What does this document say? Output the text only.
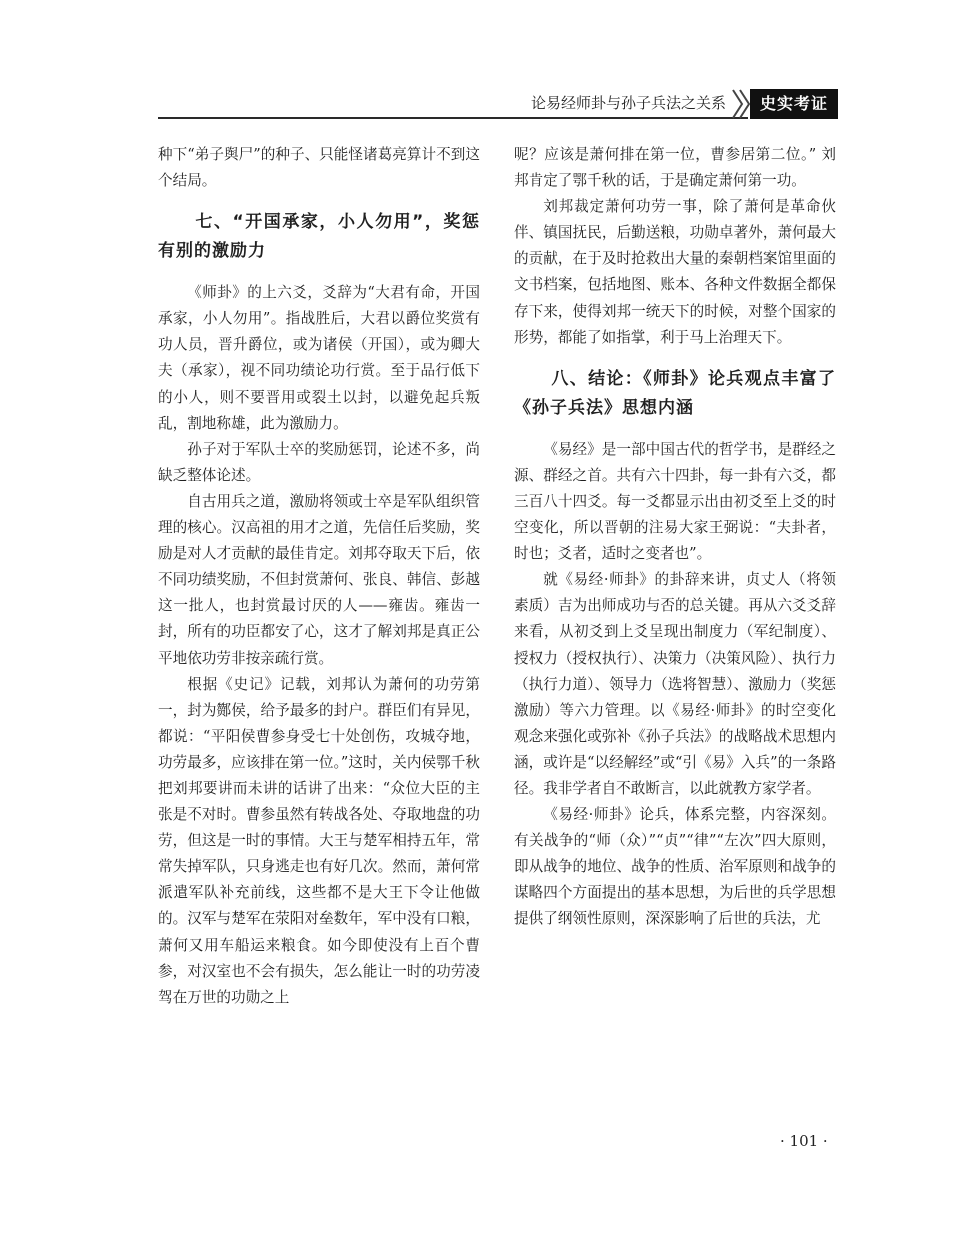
论易经师卦与孙子兵法之关系	史实考证

种下“弟子舆尸”的种子、只能怪诸葛亮算计不到这个结局。

七、“开国承家，小人勿用”，奖惩有别的激励力

《师卦》的上六爻，爻辞为“大君有命，开国承家，小人勿用”。指战胜后，大君以爵位奖赏有功人员，晋升爵位，或为诸侯（开国），或为卿大夫（承家），视不同功绩论功行赏。至于品行低下的小人，则不要晋用或裂土以封，以避免起兵叛乱，割地称雄，此为激励力。

孙子对于军队士卒的奖励惩罚，论述不多，尚缺乏整体论述。

自古用兵之道，激励将领或士卒是军队组织管理的核心。汉高祖的用才之道，先信任后奖励，奖励是对人才贡献的最佳肯定。刘邦夺取天下后，依不同功绩奖励，不但封赏萧何、张良、韩信、彭越这一批人，也封赏最讨厌的人——雍齿。雍齿一封，所有的功臣都安了心，这才了解刘邦是真正公平地依功劳非按亲疏行赏。

根据《史记》记载，刘邦认为萧何的功劳第一，封为酂侯，给予最多的封户。群臣们有异见，都说：“平阳侯曹参身受七十处创伤，攻城夺地，功劳最多，应该排在第一位。”这时，关内侯鄂千秋把刘邦要讲而未讲的话讲了出来：“众位大臣的主张是不对时。曹参虽然有转战各处、夺取地盘的功劳，但这是一时的事情。大王与楚军相持五年，常常失掉军队，只身逃走也有好几次。然而，萧何常派遣军队补充前线，这些都不是大王下令让他做的。汉军与楚军在荥阳对垒数年，军中没有口粮，萧何又用车船运来粮食。如今即使没有上百个曹参，对汉室也不会有损失，怎么能让一时的功劳凌驾在万世的功勋之上

呢？应该是萧何排在第一位，曹参居第二位。” 刘邦肯定了鄂千秋的话，于是确定萧何第一功。

刘邦裁定萧何功劳一事，除了萧何是革命伙伴、镇国抚民，后勤送粮，功勋卓著外，萧何最大的贡献，在于及时抢救出大量的秦朝档案馆里面的文书档案，包括地图、账本、各种文件数据全都保存下来，使得刘邦一统天下的时候，对整个国家的形势，都能了如指掌，利于马上治理天下。

八、结论：《师卦》论兵观点丰富了《孙子兵法》思想内涵

《易经》是一部中国古代的哲学书，是群经之源、群经之首。共有六十四卦，每一卦有六爻，都三百八十四爻。每一爻都显示出由初爻至上爻的时空变化，所以晋朝的注易大家王弼说：“夫卦者，时也；爻者，适时之变者也”。

就《易经·师卦》的卦辞来讲，贞丈人（将领素质）吉为出师成功与否的总关键。再从六爻爻辞来看，从初爻到上爻呈现出制度力（军纪制度）、授权力（授权执行）、决策力（决策风险）、执行力（执行力道）、领导力（选将智慧）、激励力（奖惩激励）等六力管理。以《易经·师卦》的时空变化观念来强化或弥补《孙子兵法》的战略战术思想内涵，或许是“以经解经”或“引《易》入兵”的一条路径。我非学者自不敢断言，以此就教方家学者。

《易经·师卦》论兵，体系完整，内容深刻。有关战争的“师（众）”“贞”“律”“左次”四大原则，即从战争的地位、战争的性质、治军原则和战争的谋略四个方面提出的基本思想，为后世的兵学思想提供了纲领性原则，深深影响了后世的兵法，尤

· 101 ·
